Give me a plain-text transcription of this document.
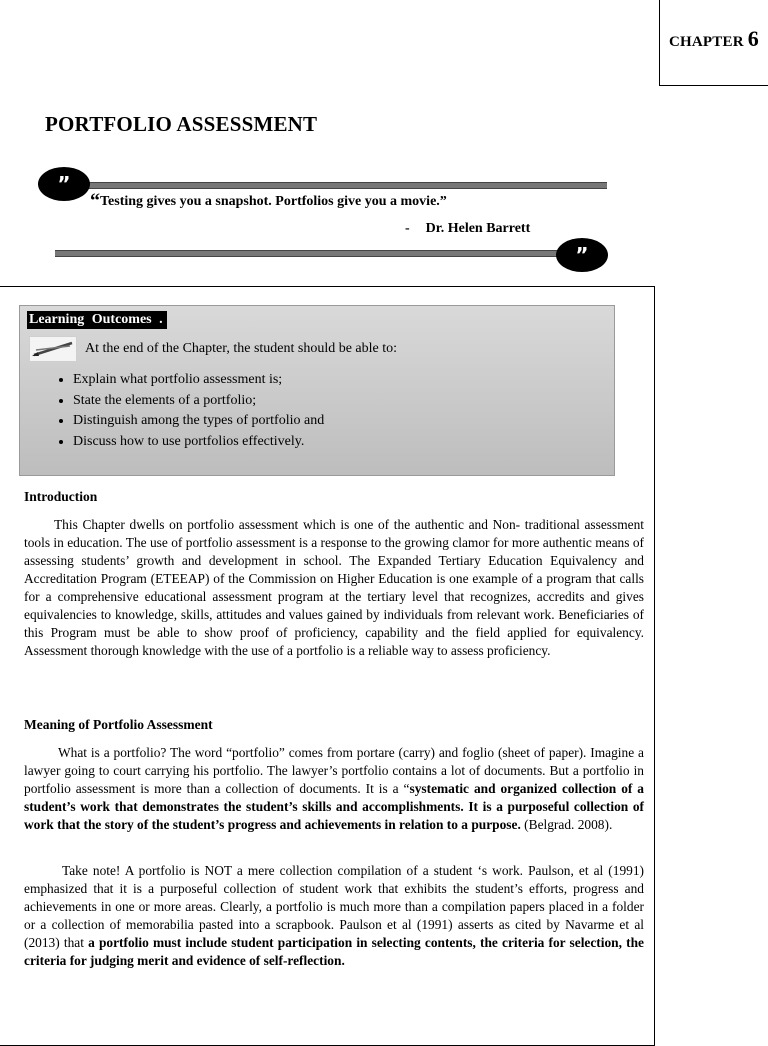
CHAPTER 6
PORTFOLIO ASSESSMENT
”
”
“Testing gives you a snapshot. Portfolios give you a movie.”
- Dr. Helen Barrett
Learning Outcomes .
At the end of the Chapter, the student should be able to:
• Explain what portfolio assessment is;
• State the elements of a portfolio;
• Distinguish among the types of portfolio and
• Discuss how to use portfolios effectively.
Introduction

This Chapter dwells on portfolio assessment which is one of the authentic and Non- traditional assessment tools in education. The use of portfolio assessment is a response to the growing clamor for more authentic means of assessing students’ growth and development in school. The Expanded Tertiary Education Equivalency and Accreditation Program (ETEEAP) of the Commission on Higher Education is one example of a program that calls for a comprehensive educational assessment program at the tertiary level that recognizes, accredits and gives equivalencies to knowledge, skills, attitudes and values gained by individuals from relevant work. Beneficiaries of this Program must be able to show proof of proficiency, capability and the field applied for equivalency. Assessment thorough knowledge with the use of a portfolio is a reliable way to assess proficiency.

Meaning of Portfolio Assessment

What is a portfolio? The word “portfolio” comes from portare (carry) and foglio (sheet of paper). Imagine a lawyer going to court carrying his portfolio. The lawyer’s portfolio contains a lot of documents. But a portfolio in portfolio assessment is more than a collection of documents. It is a “systematic and organized collection of a student’s work that demonstrates the student’s skills and accomplishments. It is a purposeful collection of work that the story of the student’s progress and achievements in relation to a purpose. (Belgrad. 2008).

Take note! A portfolio is NOT a mere collection compilation of a student ‘s work. Paulson, et al (1991) emphasized that it is a purposeful collection of student work that exhibits the student’s efforts, progress and achievements in one or more areas. Clearly, a portfolio is much more than a compilation papers placed in a folder or a collection of memorabilia pasted into a scrapbook. Paulson et al (1991) asserts as cited by Navarme et al (2013) that a portfolio must include student participation in selecting contents, the criteria for selection, the criteria for judging merit and evidence of self-reflection.
